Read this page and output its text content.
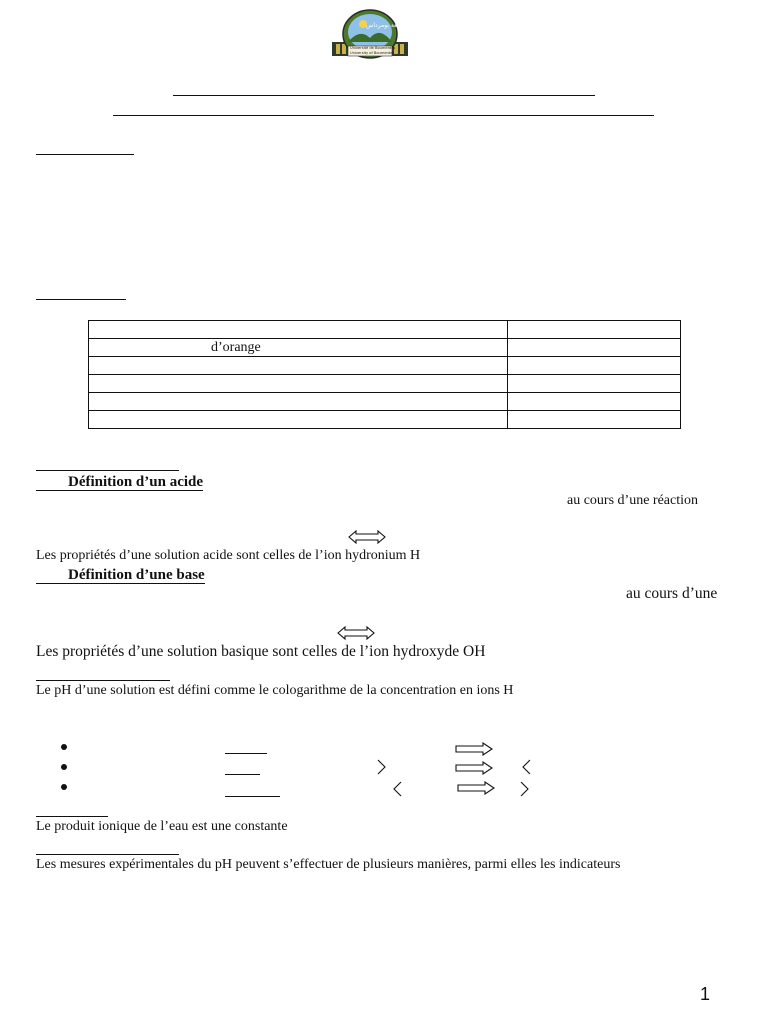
جامعة بومرداس
Université de Boumerdès
University of Boumerdes

d’orange	

Définition d’un acide
au cours d’une réaction
Les propriétés d’une solution acide sont celles de l’ion hydronium H
Définition d’une base
au cours d’une
Les propriétés d’une solution basique sont celles de l’ion hydroxyde OH
Le pH d’une solution est défini comme le cologarithme de la concentration en ions H
Le produit ionique de l’eau est une constante
Les mesures expérimentales du pH peuvent s’effectuer de plusieurs manières, parmi elles les indicateurs
1
